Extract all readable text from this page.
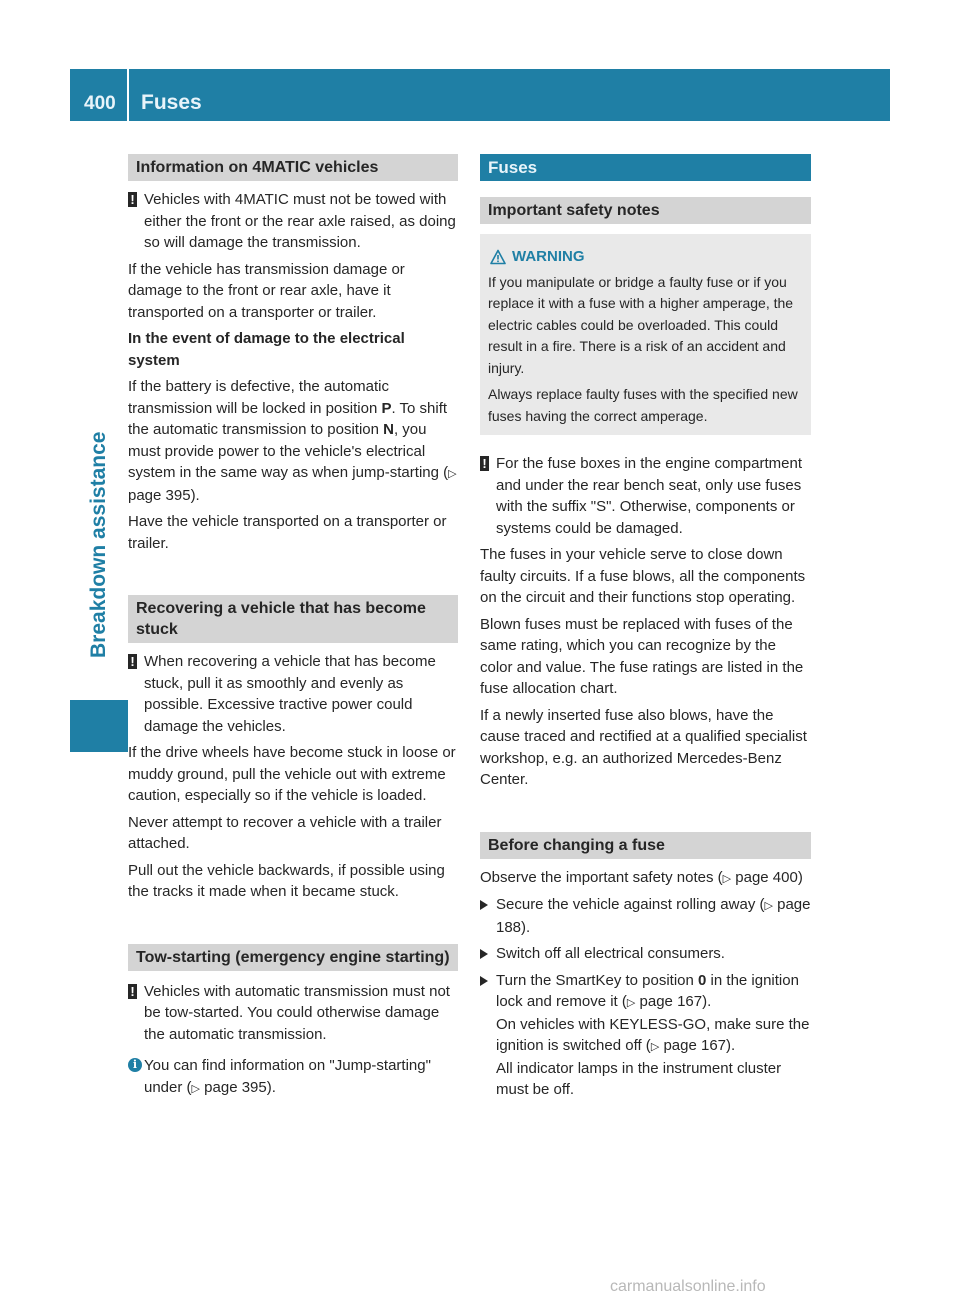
400 Fuses
Breakdown assistance
Information on 4MATIC vehicles
! Vehicles with 4MATIC must not be towed with either the front or the rear axle raised, as doing so will damage the transmission.

If the vehicle has transmission damage or damage to the front or rear axle, have it transported on a transporter or trailer.

In the event of damage to the electrical system

If the battery is defective, the automatic transmission will be locked in position P. To shift the automatic transmission to position N, you must provide power to the vehicle's electrical system in the same way as when jump-starting (▷ page 395).

Have the vehicle transported on a transporter or trailer.

Recovering a vehicle that has become stuck
! When recovering a vehicle that has become stuck, pull it as smoothly and evenly as possible. Excessive tractive power could damage the vehicles.

If the drive wheels have become stuck in loose or muddy ground, pull the vehicle out with extreme caution, especially so if the vehicle is loaded.

Never attempt to recover a vehicle with a trailer attached.

Pull out the vehicle backwards, if possible using the tracks it made when it became stuck.

Tow-starting (emergency engine starting)
! Vehicles with automatic transmission must not be tow-started. You could otherwise damage the automatic transmission.
i You can find information on "Jump-starting" under (▷ page 395).
Fuses
Important safety notes
WARNING

If you manipulate or bridge a faulty fuse or if you replace it with a fuse with a higher amperage, the electric cables could be overloaded. This could result in a fire. There is a risk of an accident and injury.

Always replace faulty fuses with the specified new fuses having the correct amperage.

! For the fuse boxes in the engine compartment and under the rear bench seat, only use fuses with the suffix "S". Otherwise, components or systems could be damaged.

The fuses in your vehicle serve to close down faulty circuits. If a fuse blows, all the components on the circuit and their functions stop operating.

Blown fuses must be replaced with fuses of the same rating, which you can recognize by the color and value. The fuse ratings are listed in the fuse allocation chart.

If a newly inserted fuse also blows, have the cause traced and rectified at a qualified specialist workshop, e.g. an authorized Mercedes-Benz Center.

Before changing a fuse

Observe the important safety notes (▷ page 400)

Secure the vehicle against rolling away (▷ page 188).
Switch off all electrical consumers.
Turn the SmartKey to position 0 in the ignition lock and remove it (▷ page 167).
On vehicles with KEYLESS-GO, make sure the ignition is switched off (▷ page 167).
All indicator lamps in the instrument cluster must be off.
carmanualsonline.info
